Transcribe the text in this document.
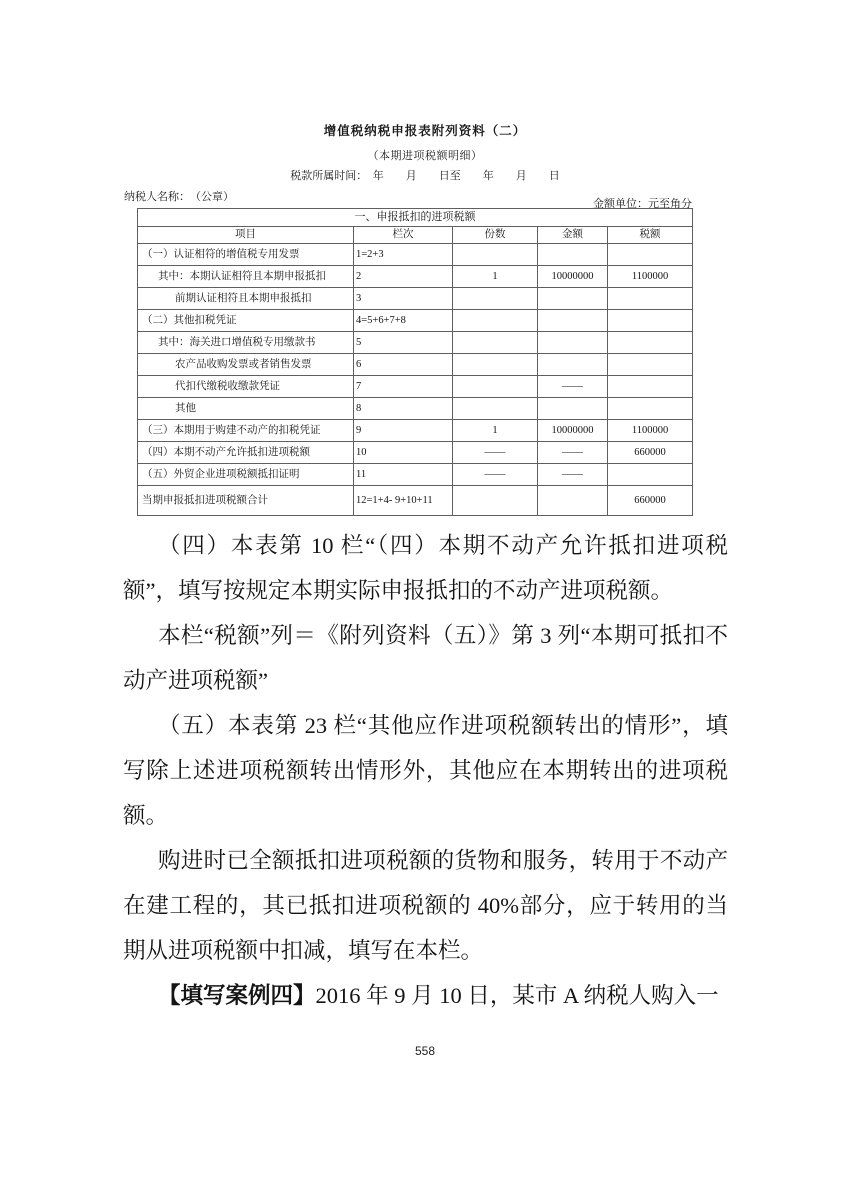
增值税纳税申报表附列资料（二）
（本期进项税额明细）
税款所属时间：　年　　月　　日至　　年　　月　　日
纳税人名称：　（公章）
金额单位：元至角分
一、申报抵扣的进项税额				
项目	栏次	份数	金额	税额
（一）认证相符的增值税专用发票	1=2+3			
其中：本期认证相符且本期申报抵扣	2	1	10000000	1100000
前期认证相符且本期申报抵扣	3			
（二）其他扣税凭证	4=5+6+7+8			
其中：海关进口增值税专用缴款书	5			
农产品收购发票或者销售发票	6			
代扣代缴税收缴款凭证	7		——	
其他	8			
（三）本期用于购建不动产的扣税凭证	9	1	10000000	1100000
（四）本期不动产允许抵扣进项税额	10	——	——	660000
（五）外贸企业进项税额抵扣证明	11	——	——	
当期申报抵扣进项税额合计	12=1+4- 9+10+11			660000

（四）本表第 10 栏“（四）本期不动产允许抵扣进项税额”，填写按规定本期实际申报抵扣的不动产进项税额。

本栏“税额”列＝《附列资料（五）》第 3 列“本期可抵扣不动产进项税额”

（五）本表第 23 栏“其他应作进项税额转出的情形”，填写除上述进项税额转出情形外，其他应在本期转出的进项税额。

购进时已全额抵扣进项税额的货物和服务，转用于不动产在建工程的，其已抵扣进项税额的 40%部分，应于转用的当期从进项税额中扣减，填写在本栏。

【填写案例四】2016 年 9 月 10 日，某市 A 纳税人购入一

558
